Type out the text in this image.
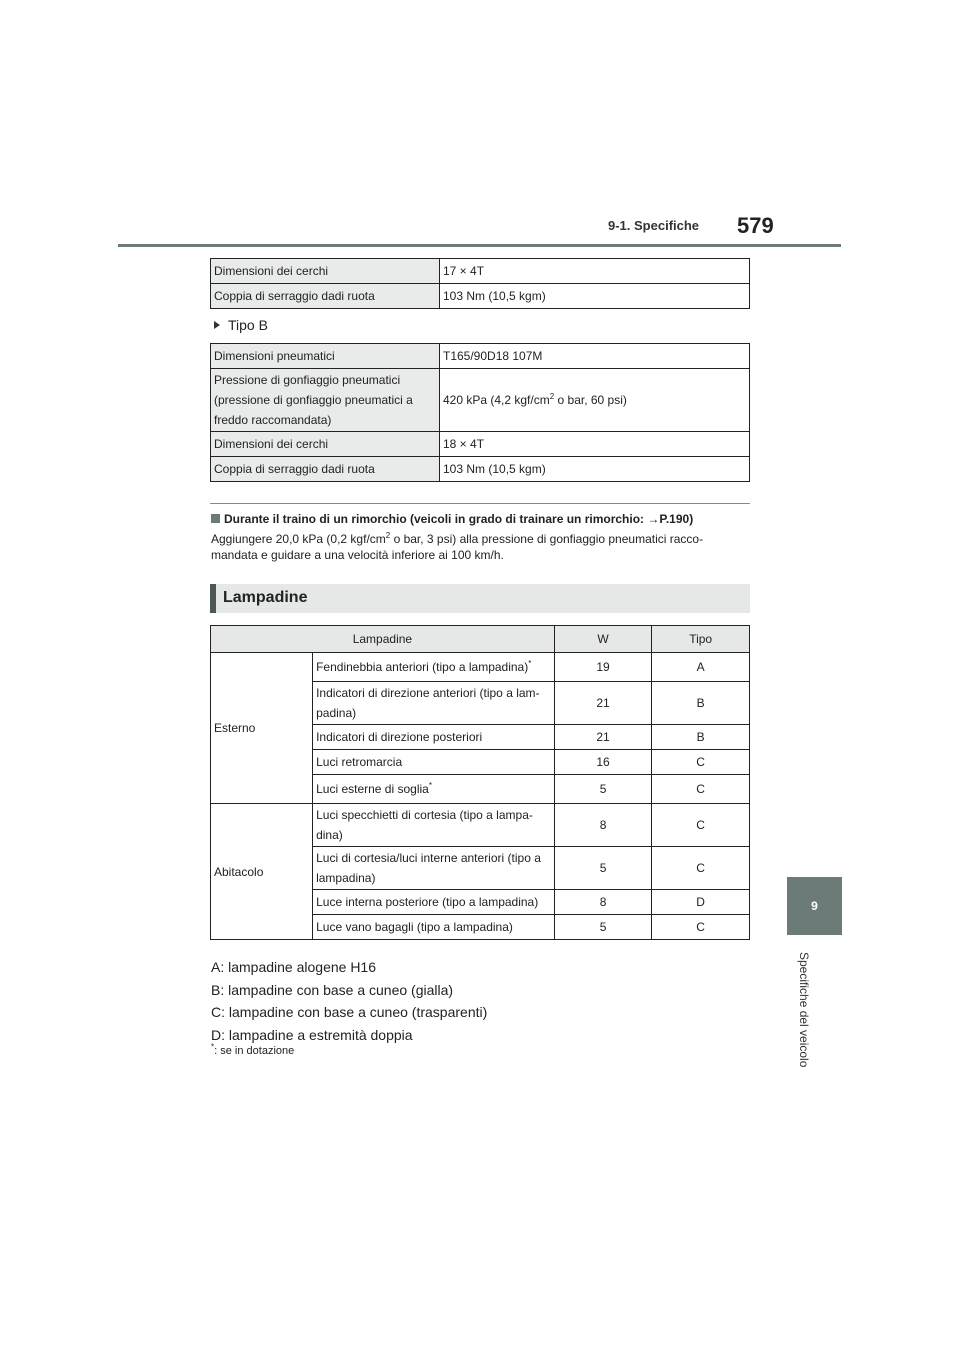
9-1. Specifiche 579
9
Specifiche del veicolo
Dimensioni dei cerchi	17 × 4T
Coppia di serraggio dadi ruota	103 Nm (10,5 kgm)
Tipo B
Dimensioni pneumatici	T165/90D18 107M

Pressione di gonfiaggio pneumatici
(pressione di gonfiaggio pneumatici a
freddo raccomandata)	420 kPa (4,2 kgf/$cm^2$ o bar, 60 psi)
Dimensioni dei cerchi	18 × 4T
Coppia di serraggio dadi ruota	103 Nm (10,5 kgm)
Durante il traino di un rimorchio (veicoli in grado di trainare un rimorchio: →P.190)
Aggiungere 20,0 kPa (0,2 kgf/$cm^2$ o bar, 3 psi) alla pressione di gonfiaggio pneumatici racco-
mandata e guidare a una velocità inferiore ai 100 km/h.
Lampadine
Lampadine		W	Tipo
Esterno	Fendinebbia anteriori (tipo a lampadina)*	19	A

	Indicatori di direzione anteriori (tipo a lam-
padina)	21	B
	Indicatori di direzione posteriori	21	B
	Luci retromarcia	16	C
	Luci esterne di soglia*	5	C
Abitacolo	Luci specchietti di cortesia (tipo a lampa-
dina)	8	C

	Luci di cortesia/luci interne anteriori (tipo a
lampadina)	5	C
	Luce interna posteriore (tipo a lampadina)	8	D
	Luce vano bagagli (tipo a lampadina)	5	C
A: lampadine alogene H16
B: lampadine con base a cuneo (gialla)
C: lampadine con base a cuneo (trasparenti)
D: lampadine a estremità doppia
*: se in dotazione
